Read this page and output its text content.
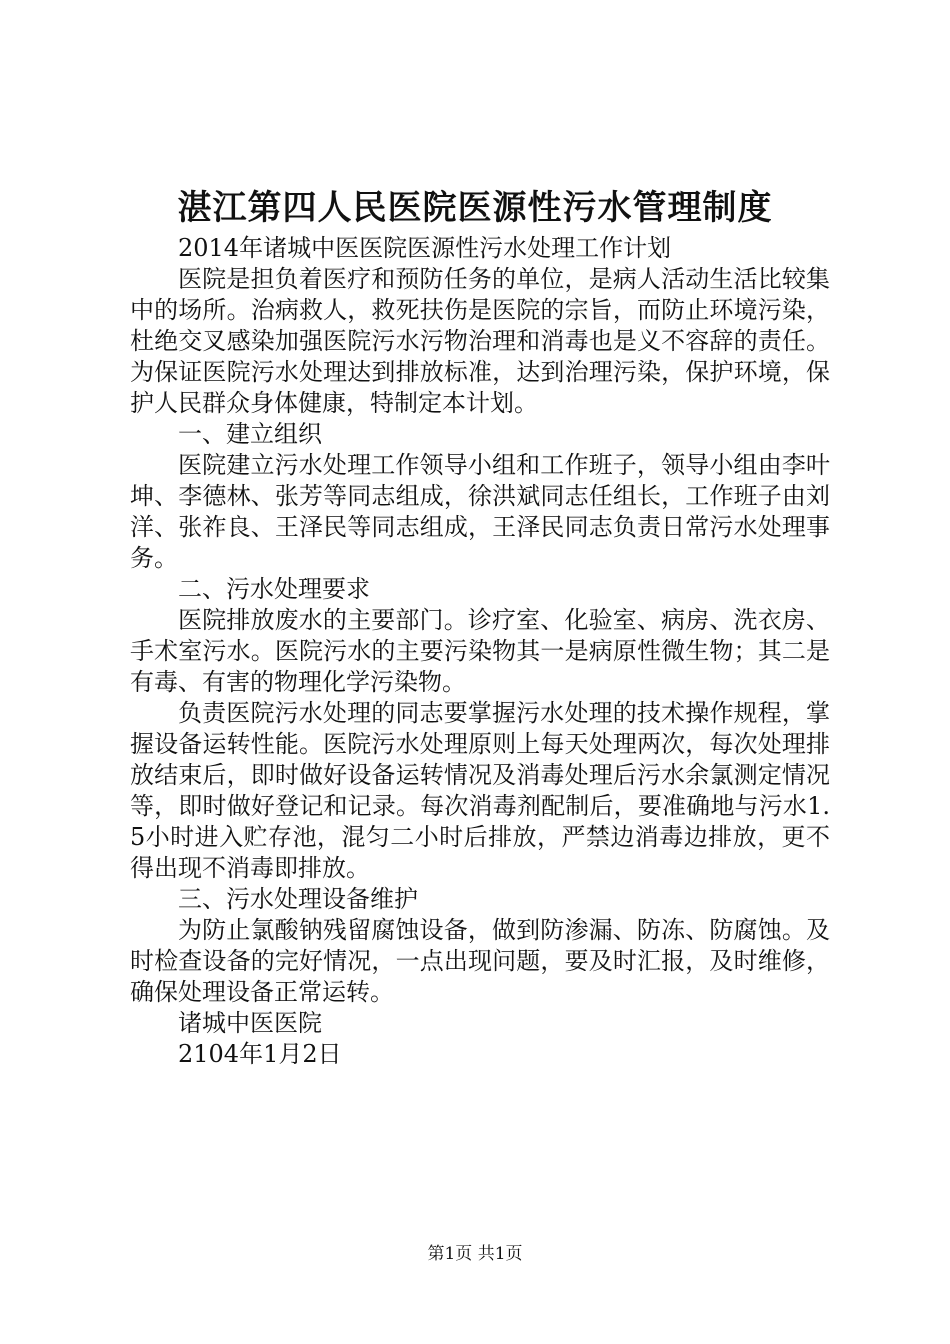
湛江第四人民医院医源性污水管理制度

2014年诸城中医医院医源性污水处理工作计划

医院是担负着医疗和预防任务的单位，是病人活动生活比较集中的场所。治病救人，救死扶伤是医院的宗旨，而防止环境污染，杜绝交叉感染加强医院污水污物治理和消毒也是义不容辞的责任。为保证医院污水处理达到排放标准，达到治理污染，保护环境，保护人民群众身体健康，特制定本计划。

一、建立组织

医院建立污水处理工作领导小组和工作班子，领导小组由李叶坤、李德林、张芳等同志组成，徐洪斌同志任组长，工作班子由刘洋、张祚良、王泽民等同志组成，王泽民同志负责日常污水处理事务。

二、污水处理要求

医院排放废水的主要部门。诊疗室、化验室、病房、洗衣房、手术室污水。医院污水的主要污染物其一是病原性微生物；其二是有毒、有害的物理化学污染物。

负责医院污水处理的同志要掌握污水处理的技术操作规程，掌握设备运转性能。医院污水处理原则上每天处理两次，每次处理排放结束后，即时做好设备运转情况及消毒处理后污水余氯测定情况等，即时做好登记和记录。每次消毒剂配制后，要准确地与污水1.5小时进入贮存池，混匀二小时后排放，严禁边消毒边排放，更不得出现不消毒即排放。

三、污水处理设备维护

为防止氯酸钠残留腐蚀设备，做到防渗漏、防冻、防腐蚀。及时检查设备的完好情况，一点出现问题，要及时汇报，及时维修，确保处理设备正常运转。

诸城中医医院

2104年1月2日

第1页 共1页
